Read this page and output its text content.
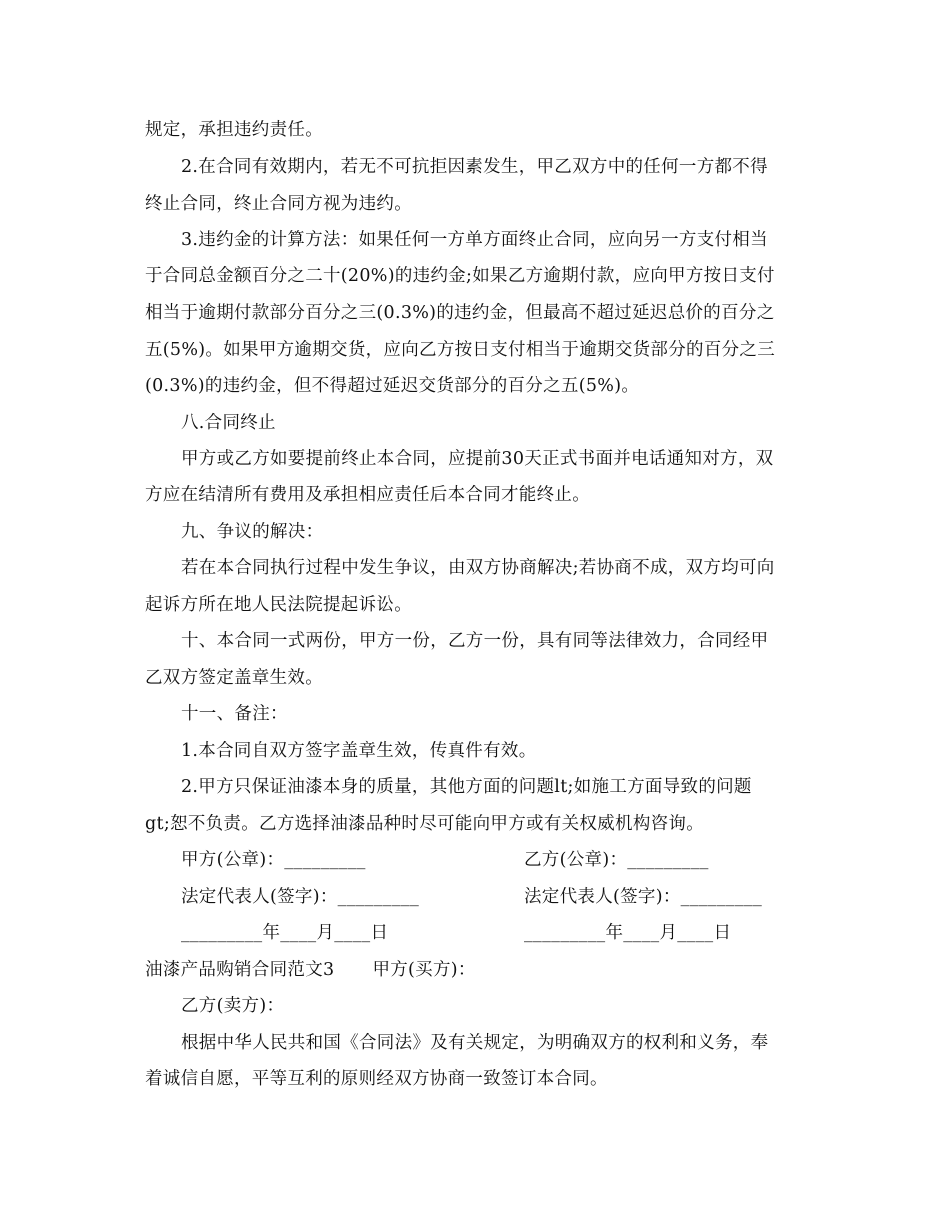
规定，承担违约责任。
2.在合同有效期内，若无不可抗拒因素发生，甲乙双方中的任何一方都不得
终止合同，终止合同方视为违约。
3.违约金的计算方法：如果任何一方单方面终止合同，应向另一方支付相当
于合同总金额百分之二十(20%)的违约金;如果乙方逾期付款，应向甲方按日支付
相当于逾期付款部分百分之三(0.3%)的违约金，但最高不超过延迟总价的百分之
五(5%)。如果甲方逾期交货，应向乙方按日支付相当于逾期交货部分的百分之三
(0.3%)的违约金，但不得超过延迟交货部分的百分之五(5%)。
八.合同终止
甲方或乙方如要提前终止本合同，应提前30天正式书面并电话通知对方，双
方应在结清所有费用及承担相应责任后本合同才能终止。
九、争议的解决：
若在本合同执行过程中发生争议，由双方协商解决;若协商不成，双方均可向
起诉方所在地人民法院提起诉讼。
十、本合同一式两份，甲方一份，乙方一份，具有同等法律效力，合同经甲
乙双方签定盖章生效。
十一、备注：
1.本合同自双方签字盖章生效，传真件有效。
2.甲方只保证油漆本身的质量，其他方面的问题lt;如施工方面导致的问题
gt;恕不负责。乙方选择油漆品种时尽可能向甲方或有关权威机构咨询。
甲方(公章)：_________	乙方(公章)：_________
法定代表人(签字)：_________	法定代表人(签字)：_________
_________年____月____日	_________年____月____日
油漆产品购销合同范文3 甲方(买方)：
乙方(卖方)：
根据中华人民共和国《合同法》及有关规定，为明确双方的权利和义务，奉
着诚信自愿，平等互利的原则经双方协商一致签订本合同。
